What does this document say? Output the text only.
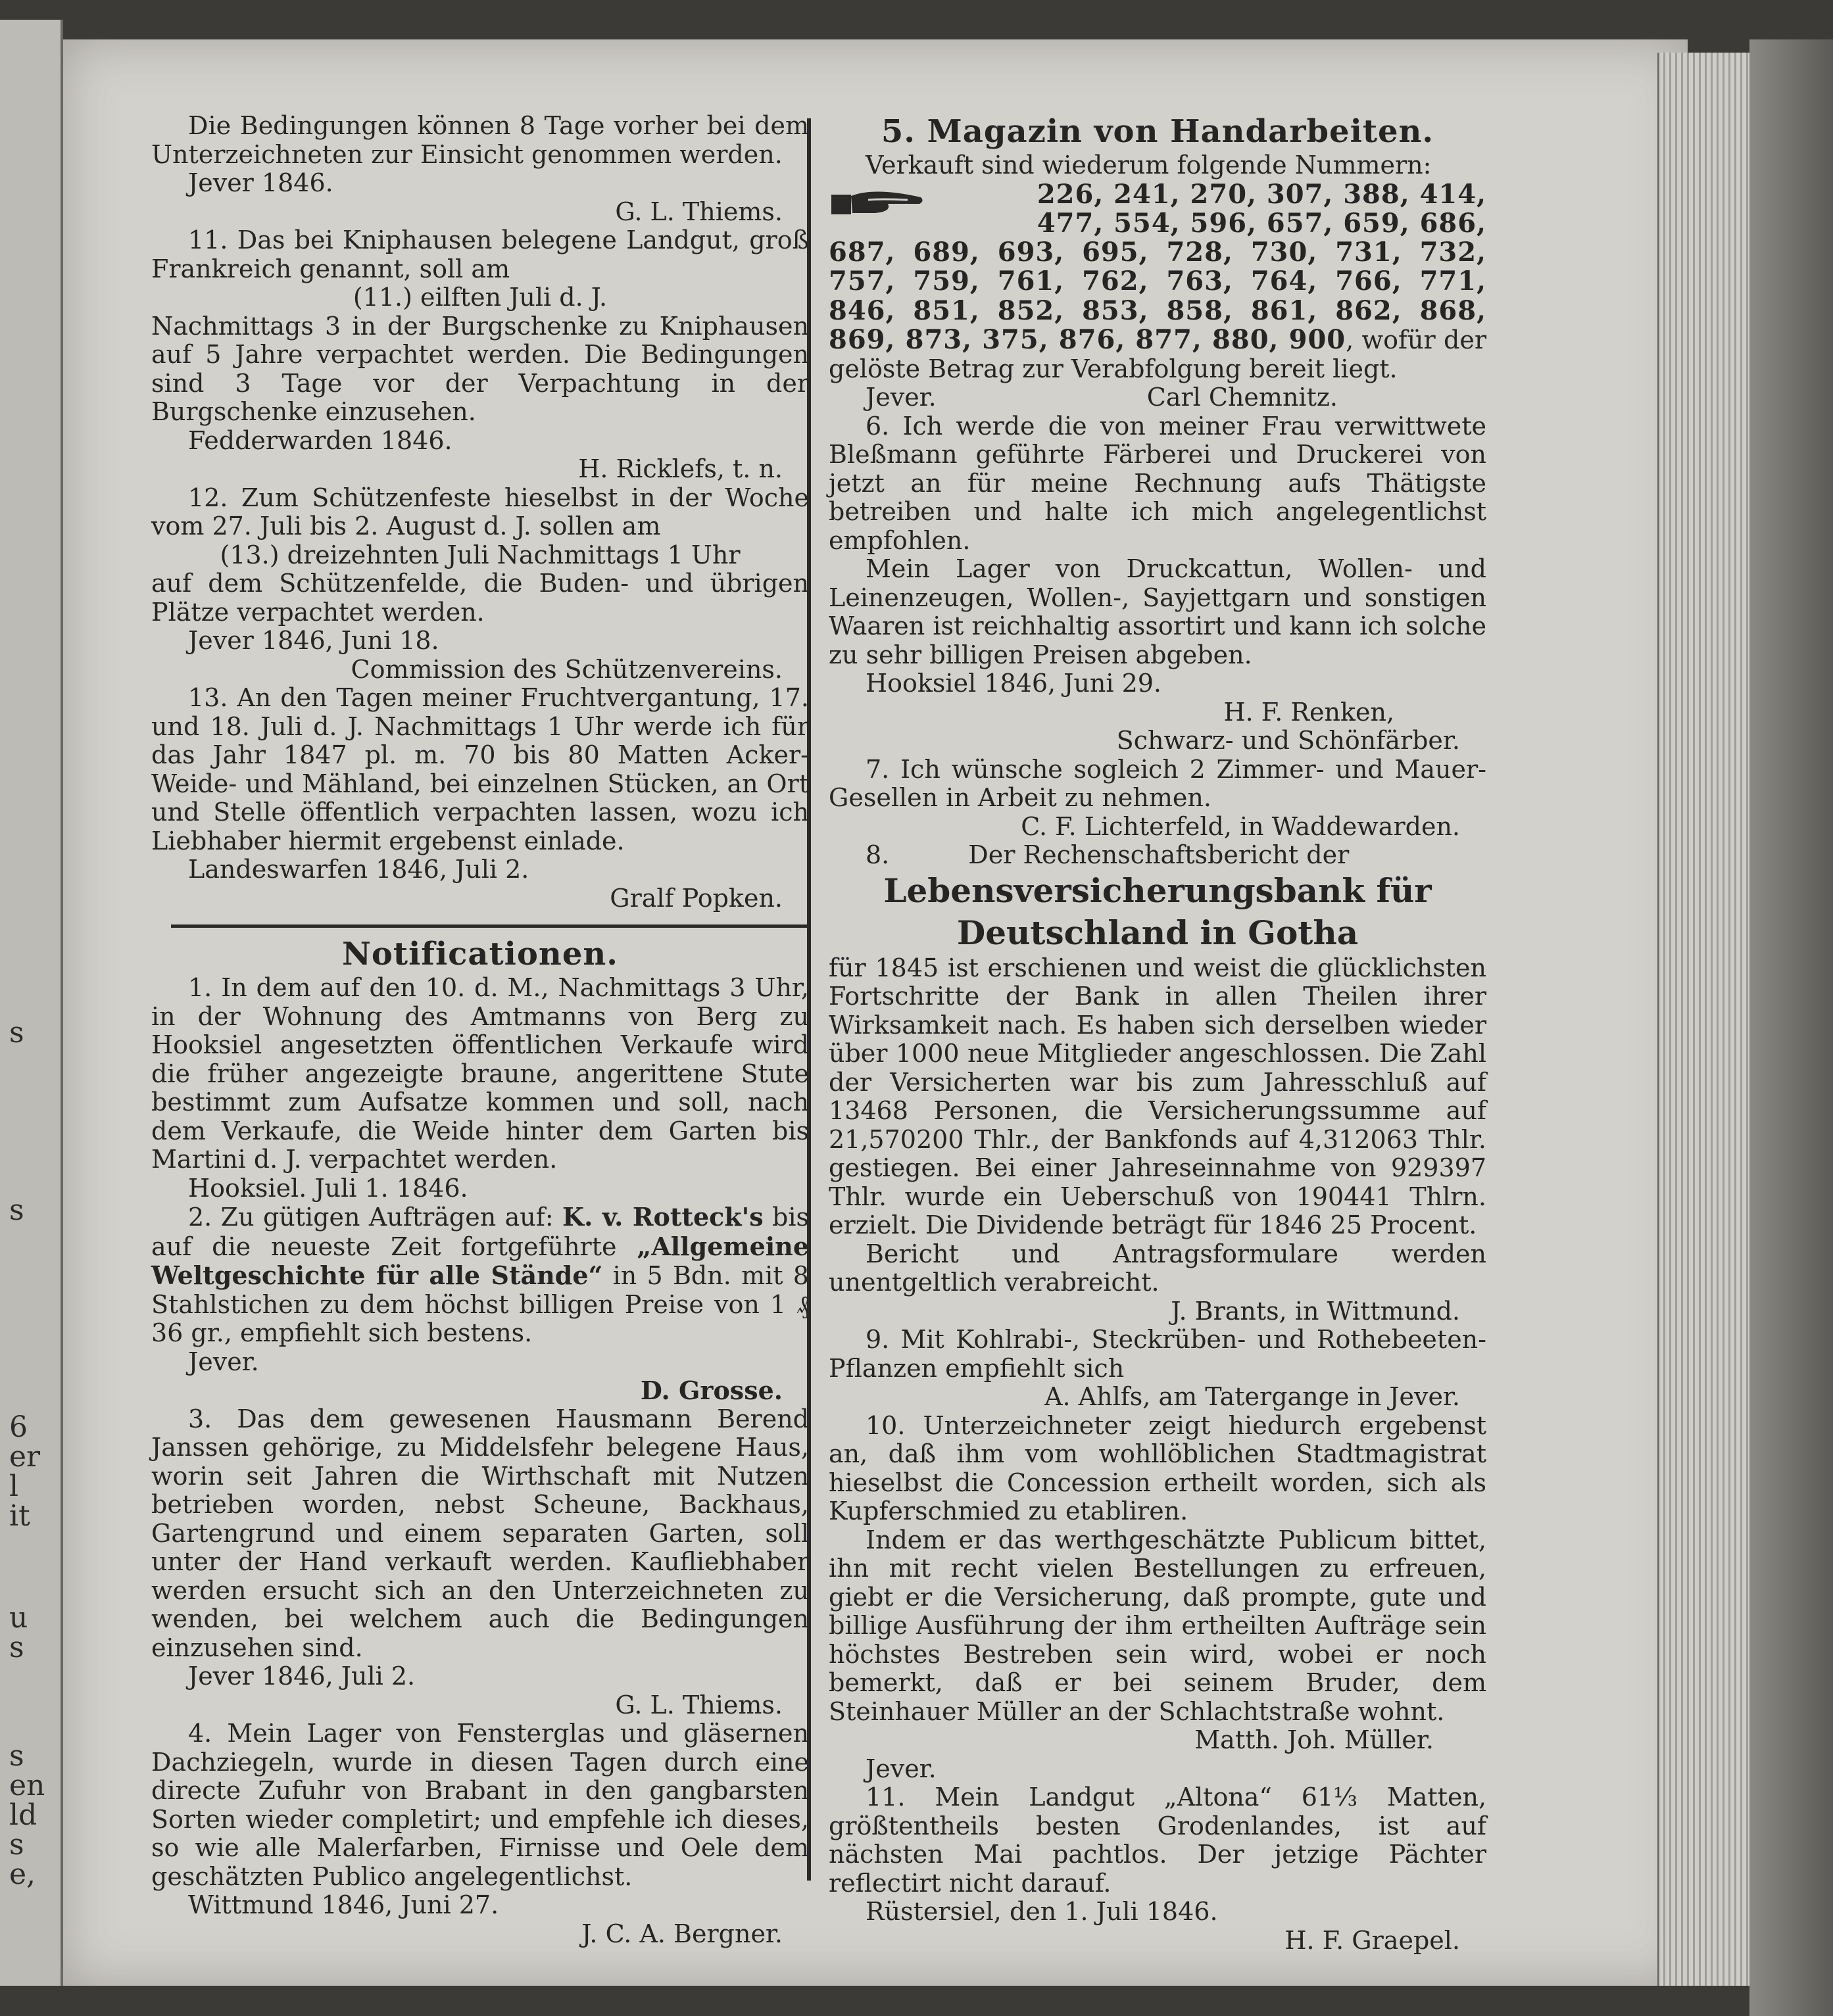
s
s
6
er
l
it
u
s
s
en
ld
s
e,

Die Bedingungen können 8 Tage vorher bei dem Unterzeichneten zur Einsicht genommen werden.

Jever 1846.

G. L. Thiems.

11. Das bei Kniphausen belegene Landgut, groß Frankreich genannt, soll am

(11.) eilften Juli d. J.

Nachmittags 3 in der Burgschenke zu Kniphausen auf 5 Jahre verpachtet werden. Die Bedingungen sind 3 Tage vor der Verpachtung in der Burgschenke einzusehen.

Fedderwarden 1846.

H. Ricklefs, t. n.

12. Zum Schützenfeste hieselbst in der Woche vom 27. Juli bis 2. August d. J. sollen am

(13.) dreizehnten Juli Nachmittags 1 Uhr

auf dem Schützenfelde, die Buden- und übrigen Plätze verpachtet werden.

Jever 1846, Juni 18.

Commission des Schützenvereins.

13. An den Tagen meiner Fruchtvergantung, 17. und 18. Juli d. J. Nachmittags 1 Uhr werde ich für das Jahr 1847 pl. m. 70 bis 80 Matten Acker- Weide- und Mähland, bei einzelnen Stücken, an Ort und Stelle öffentlich verpachten lassen, wozu ich Liebhaber hiermit ergebenst einlade.

Landeswarfen 1846, Juli 2.

Gralf Popken.

Notificationen.

1. In dem auf den 10. d. M., Nachmittags 3 Uhr, in der Wohnung des Amtmanns von Berg zu Hooksiel angesetzten öffentlichen Verkaufe wird die früher angezeigte braune, angerittene Stute bestimmt zum Aufsatze kommen und soll, nach dem Verkaufe, die Weide hinter dem Garten bis Martini d. J. verpachtet werden.

Hooksiel. Juli 1. 1846.

2. Zu gütigen Aufträgen auf: K. v. Rotteck's bis auf die neueste Zeit fortgeführte „Allgemeine Weltgeschichte für alle Stände“ in 5 Bdn. mit 8 Stahlstichen zu dem höchst billigen Preise von 1 ₰ 36 gr., empfiehlt sich bestens.

Jever.

D. Grosse.

3. Das dem gewesenen Hausmann Berend Janssen gehörige, zu Middelsfehr belegene Haus, worin seit Jahren die Wirthschaft mit Nutzen betrieben worden, nebst Scheune, Backhaus, Gartengrund und einem separaten Garten, soll unter der Hand verkauft werden. Kaufliebhaber werden ersucht sich an den Unterzeichneten zu wenden, bei welchem auch die Bedingungen einzusehen sind.

Jever 1846, Juli 2.

G. L. Thiems.

4. Mein Lager von Fensterglas und gläsernen Dachziegeln, wurde in diesen Tagen durch eine directe Zufuhr von Brabant in den gangbarsten Sorten wieder completirt; und empfehle ich dieses, so wie alle Malerfarben, Firnisse und Oele dem geschätzten Publico angelegentlichst.

Wittmund 1846, Juni 27.

J. C. A. Bergner.

5. Magazin von Handarbeiten.

Verkauft sind wiederum folgende Nummern:

226, 241, 270, 307, 388, 414,

477, 554, 596, 657, 659, 686,

687, 689, 693, 695, 728, 730, 731, 732, 757, 759, 761, 762, 763, 764, 766, 771, 846, 851, 852, 853, 858, 861, 862, 868, 869, 873, 375, 876, 877, 880, 900, wofür der gelöste Betrag zur Verabfolgung bereit liegt.

Jever.	Carl Chemnitz.

6. Ich werde die von meiner Frau verwittwete Bleßmann geführte Färberei und Druckerei von jetzt an für meine Rechnung aufs Thätigste betreiben und halte ich mich angelegentlichst empfohlen.

Mein Lager von Druckcattun, Wollen- und Leinenzeugen, Wollen-, Sayjettgarn und sonstigen Waaren ist reichhaltig assortirt und kann ich solche zu sehr billigen Preisen abgeben.

Hooksiel 1846, Juni 29.

H. F. Renken,

Schwarz- und Schönfärber.

7. Ich wünsche sogleich 2 Zimmer- und Mauer-Gesellen in Arbeit zu nehmen.

C. F. Lichterfeld, in Waddewarden.

8.	Der Rechenschaftsbericht der

Lebensversicherungsbank für Deutschland in Gotha

für 1845 ist erschienen und weist die glücklichsten Fortschritte der Bank in allen Theilen ihrer Wirksamkeit nach. Es haben sich derselben wieder über 1000 neue Mitglieder angeschlossen. Die Zahl der Versicherten war bis zum Jahresschluß auf 13468 Personen, die Versicherungssumme auf 21,570200 Thlr., der Bankfonds auf 4,312063 Thlr. gestiegen. Bei einer Jahreseinnahme von 929397 Thlr. wurde ein Ueberschuß von 190441 Thlrn. erzielt. Die Dividende beträgt für 1846 25 Procent.

Bericht und Antragsformulare werden unentgeltlich verabreicht.

J. Brants, in Wittmund.

9. Mit Kohlrabi-, Steckrüben- und Rothebeeten-Pflanzen empfiehlt sich

A. Ahlfs, am Tatergange in Jever.

10. Unterzeichneter zeigt hiedurch ergebenst an, daß ihm vom wohllöblichen Stadtmagistrat hieselbst die Concession ertheilt worden, sich als Kupferschmied zu etabliren.

Indem er das werthgeschätzte Publicum bittet, ihn mit recht vielen Bestellungen zu erfreuen, giebt er die Versicherung, daß prompte, gute und billige Ausführung der ihm ertheilten Aufträge sein höchstes Bestreben sein wird, wobei er noch bemerkt, daß er bei seinem Bruder, dem Steinhauer Müller an der Schlachtstraße wohnt.

Matth. Joh. Müller.

Jever.

11. Mein Landgut „Altona“ 61⅓ Matten, größtentheils besten Grodenlandes, ist auf nächsten Mai pachtlos. Der jetzige Pächter reflectirt nicht darauf.

Rüstersiel, den 1. Juli 1846.

H. F. Graepel.
